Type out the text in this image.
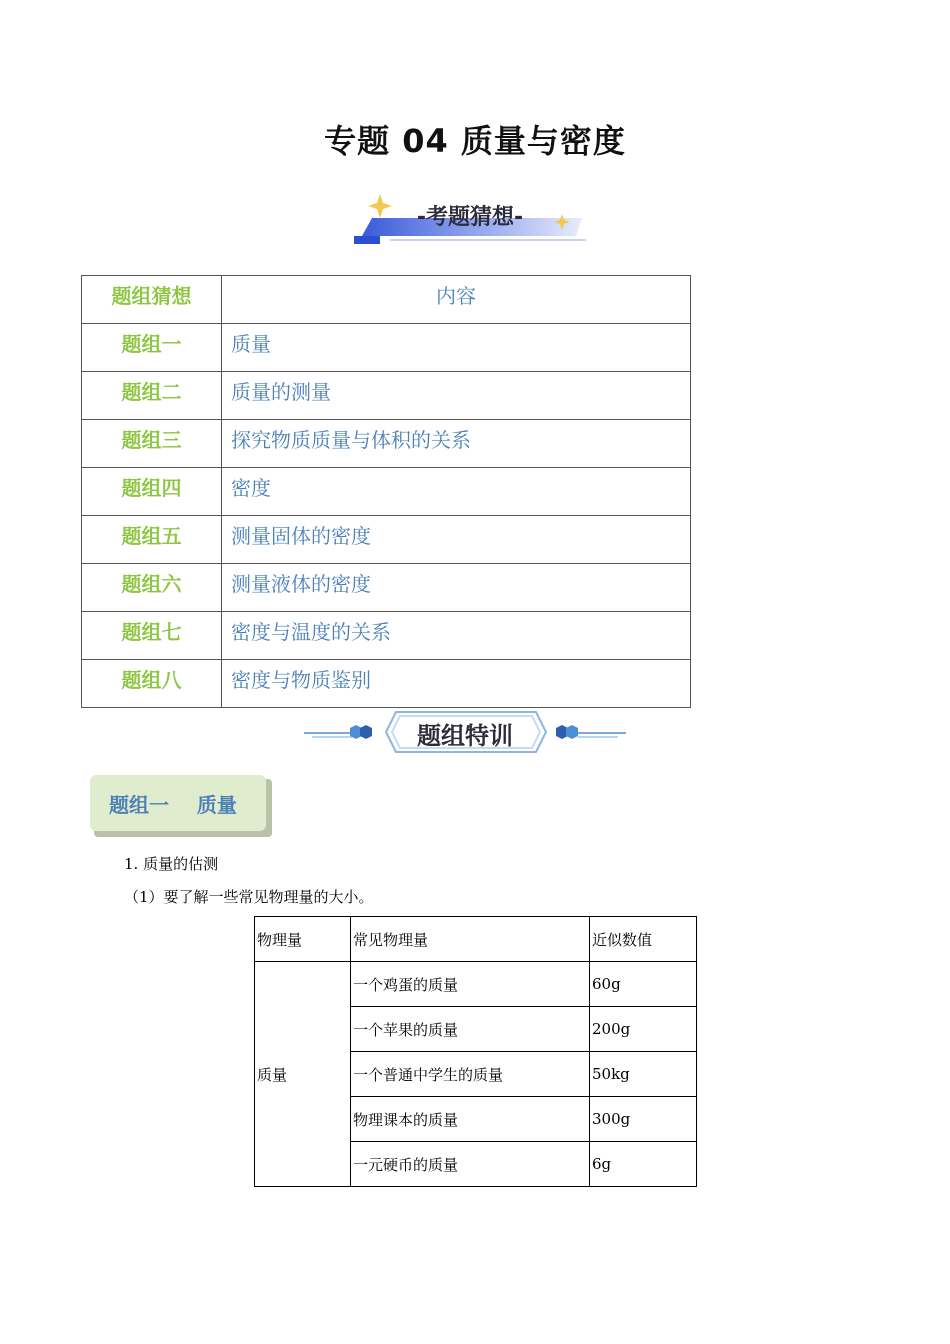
专题 04 质量与密度
-考题猜想-
题组猜想	内容
题组一	质量
题组二	质量的测量
题组三	探究物质质量与体积的关系
题组四	密度
题组五	测量固体的密度
题组六	测量液体的密度
题组七	密度与温度的关系
题组八	密度与物质鉴别
题组特训
题组一    质量
1. 质量的估测
（1）要了解一些常见物理量的大小。
物理量	常见物理量	近似数值
质量	一个鸡蛋的质量	60g
	一个苹果的质量	200g
	一个普通中学生的质量	50kg
	物理课本的质量	300g
	一元硬币的质量	6g
